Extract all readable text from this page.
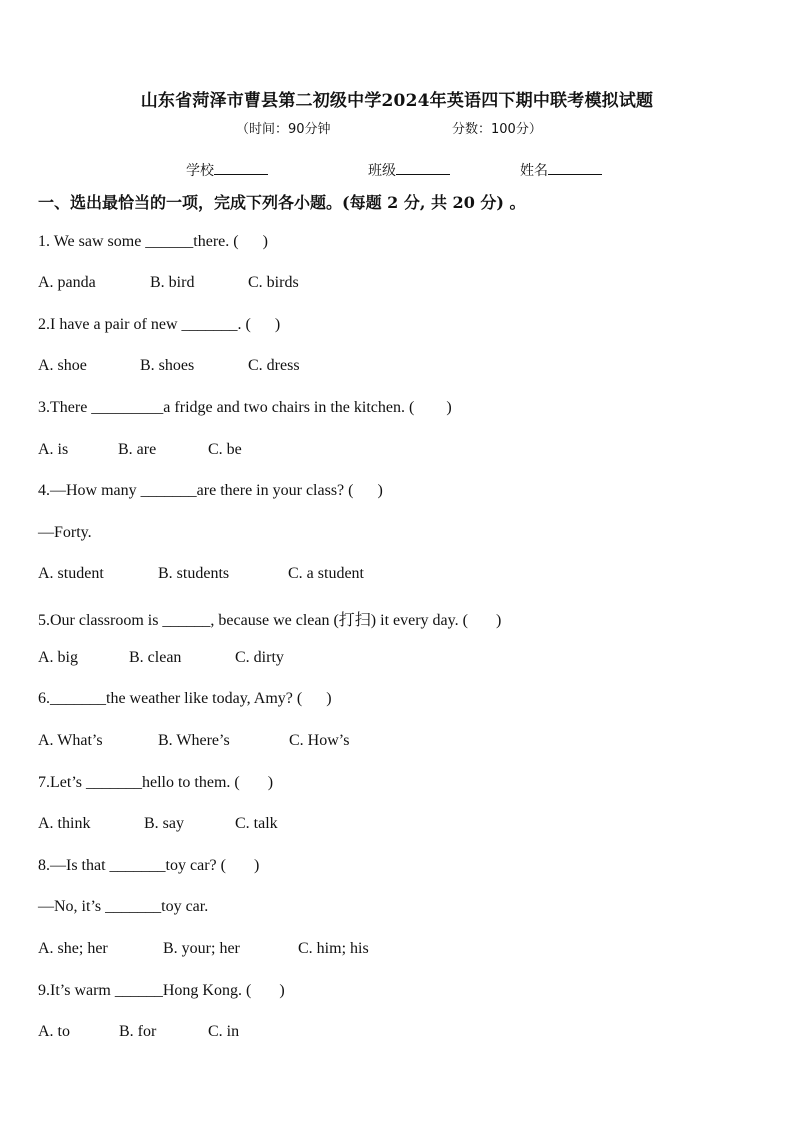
山东省菏泽市曹县第二初级中学2024年英语四下期中联考模拟试题
（时间：90分钟	分数：100分）
学校	班级	姓名
一、选出最恰当的一项，完成下列各小题。(每题 2 分, 共 20 分) 。
1. We saw some ______there. (      )
A. panda	B. bird	C. birds
2.I have a pair of new _______. (      )
A. shoe	B. shoes	C. dress
3.There _________a fridge and two chairs in the kitchen. (        )
A. is	B. are	C. be
4.—How many _______are there in your class? (      )
—Forty.
A. student	B. students	C. a student
5.Our classroom is ______, because we clean (打扫) it every day. (       )
A. big	B. clean	C. dirty
6._______the weather like today, Amy? (      )
A. What’s	B. Where’s	C. How’s
7.Let’s _______hello to them. (       )
A. think	B. say	C. talk
8.—Is that _______toy car? (       )
—No, it’s _______toy car.
A. she; her	B. your; her	C. him; his
9.It’s warm ______Hong Kong. (       )
A. to	B. for	C. in
